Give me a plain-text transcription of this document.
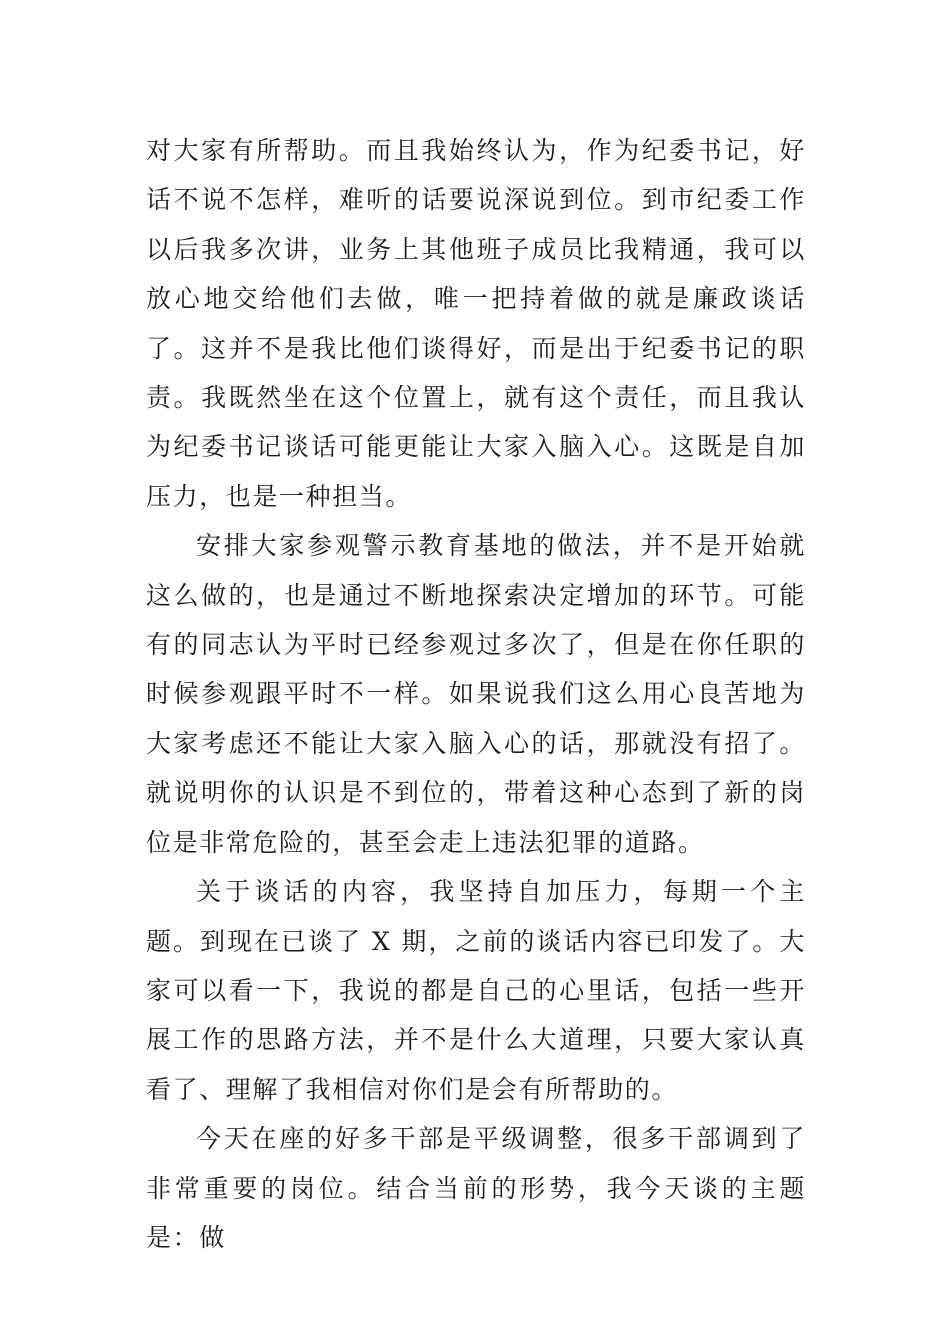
对大家有所帮助。而且我始终认为，作为纪委书记，好话不说不怎样，难听的话要说深说到位。到市纪委工作以后我多次讲，业务上其他班子成员比我精通，我可以放心地交给他们去做，唯一把持着做的就是廉政谈话了。这并不是我比他们谈得好，而是出于纪委书记的职责。我既然坐在这个位置上，就有这个责任，而且我认为纪委书记谈话可能更能让大家入脑入心。这既是自加压力，也是一种担当。

安排大家参观警示教育基地的做法，并不是开始就这么做的，也是通过不断地探索决定增加的环节。可能有的同志认为平时已经参观过多次了，但是在你任职的时候参观跟平时不一样。如果说我们这么用心良苦地为大家考虑还不能让大家入脑入心的话，那就没有招了。就说明你的认识是不到位的，带着这种心态到了新的岗位是非常危险的，甚至会走上违法犯罪的道路。

关于谈话的内容，我坚持自加压力，每期一个主题。到现在已谈了 X 期，之前的谈话内容已印发了。大家可以看一下，我说的都是自己的心里话，包括一些开展工作的思路方法，并不是什么大道理，只要大家认真看了、理解了我相信对你们是会有所帮助的。

今天在座的好多干部是平级调整，很多干部调到了非常重要的岗位。结合当前的形势，我今天谈的主题是：做
